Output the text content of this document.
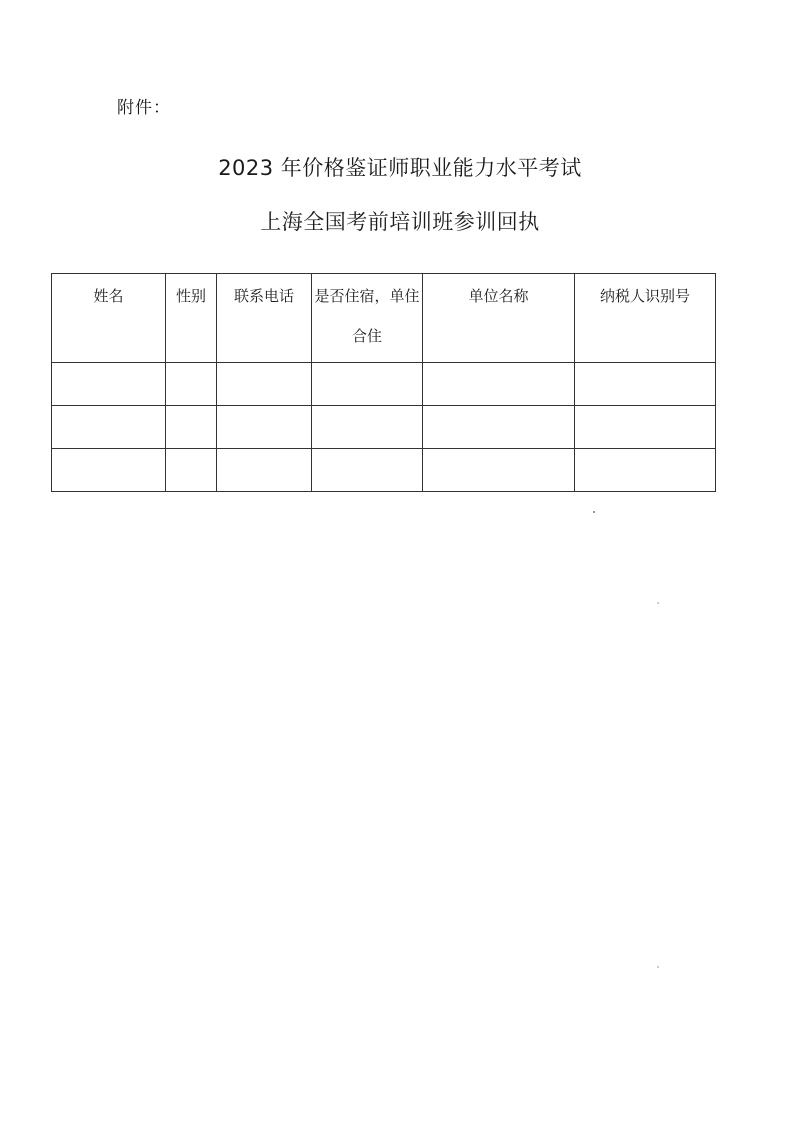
附件：
2023 年价格鉴证师职业能力水平考试
上海全国考前培训班参训回执
姓名	性别	联系电话	是否住宿，单住合住	单位名称	纳税人识别号
